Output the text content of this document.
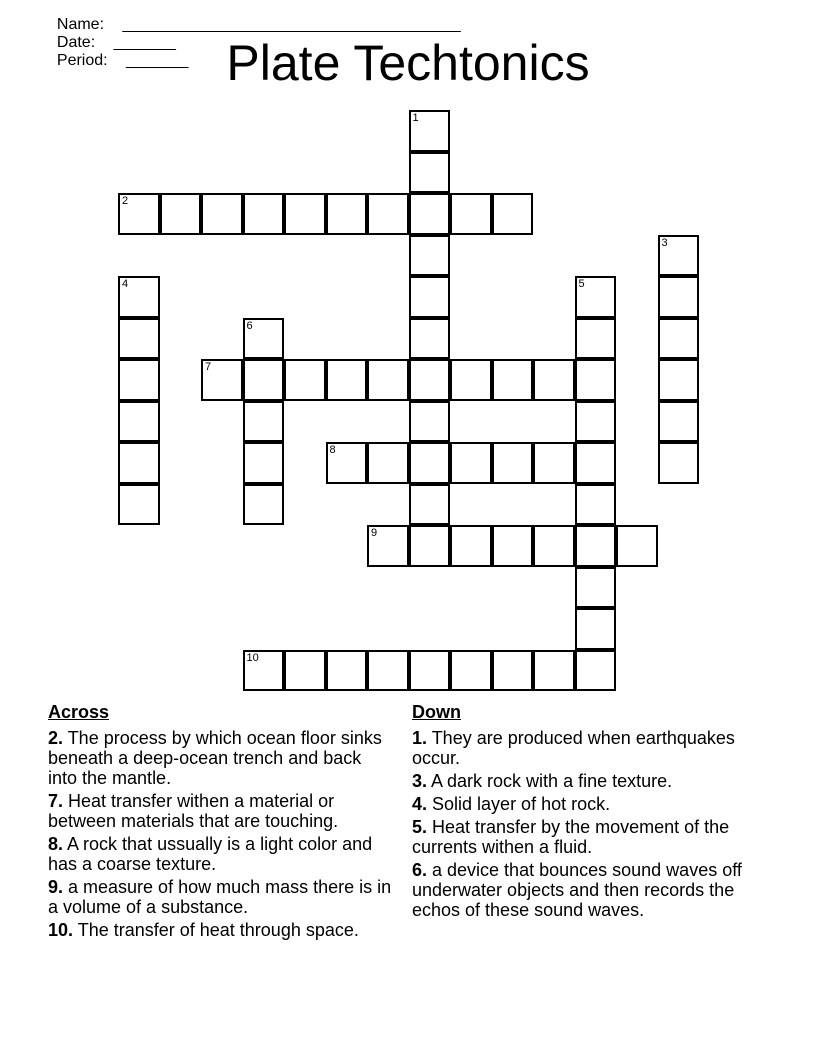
Name: ______________________________________
Date: _______
Period: _______ Plate Techtonics
2
7
8
9
10
1
3
4	5
6
Across
2. The process by which ocean floor sinks beneath a deep-ocean trench and back into the mantle.
7. Heat transfer withen a material or between materials that are touching.
8. A rock that ussually is a light color and has a coarse texture.
9. a measure of how much mass there is in a volume of a substance.
10. The transfer of heat through space.
Down
1. They are produced when earthquakes occur.
3. A dark rock with a fine texture.
4. Solid layer of hot rock.
5. Heat transfer by the movement of the currents withen a fluid.
6. a device that bounces sound waves off underwater objects and then records the echos of these sound waves.
